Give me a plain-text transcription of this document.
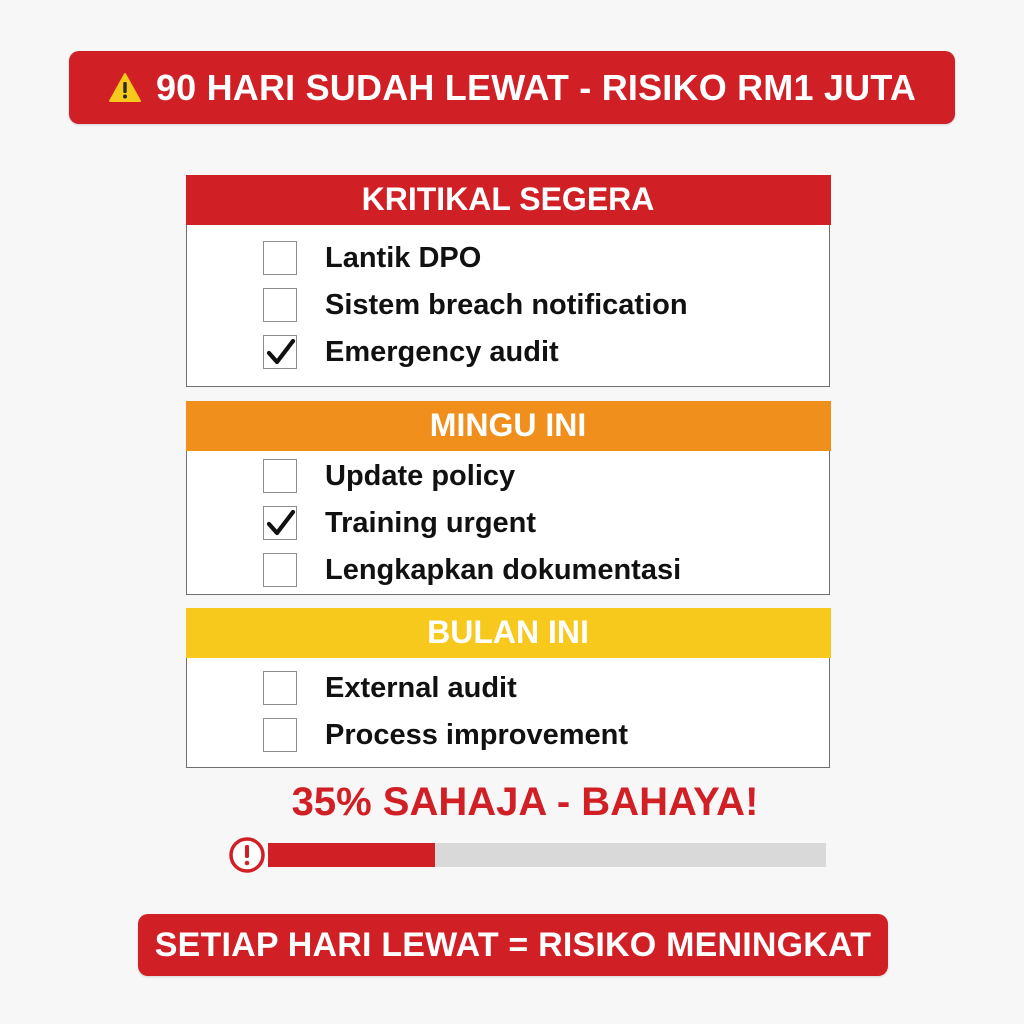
90 HARI SUDAH LEWAT - RISIKO RM1 JUTA
KRITIKAL SEGERA
Lantik DPO
Sistem breach notification
Emergency audit
MINGU INI
Update policy
Training urgent
Lengkapkan dokumentasi
BULAN INI
External audit
Process improvement
35% SAHAJA - BAHAYA!
SETIAP HARI LEWAT = RISIKO MENINGKAT
